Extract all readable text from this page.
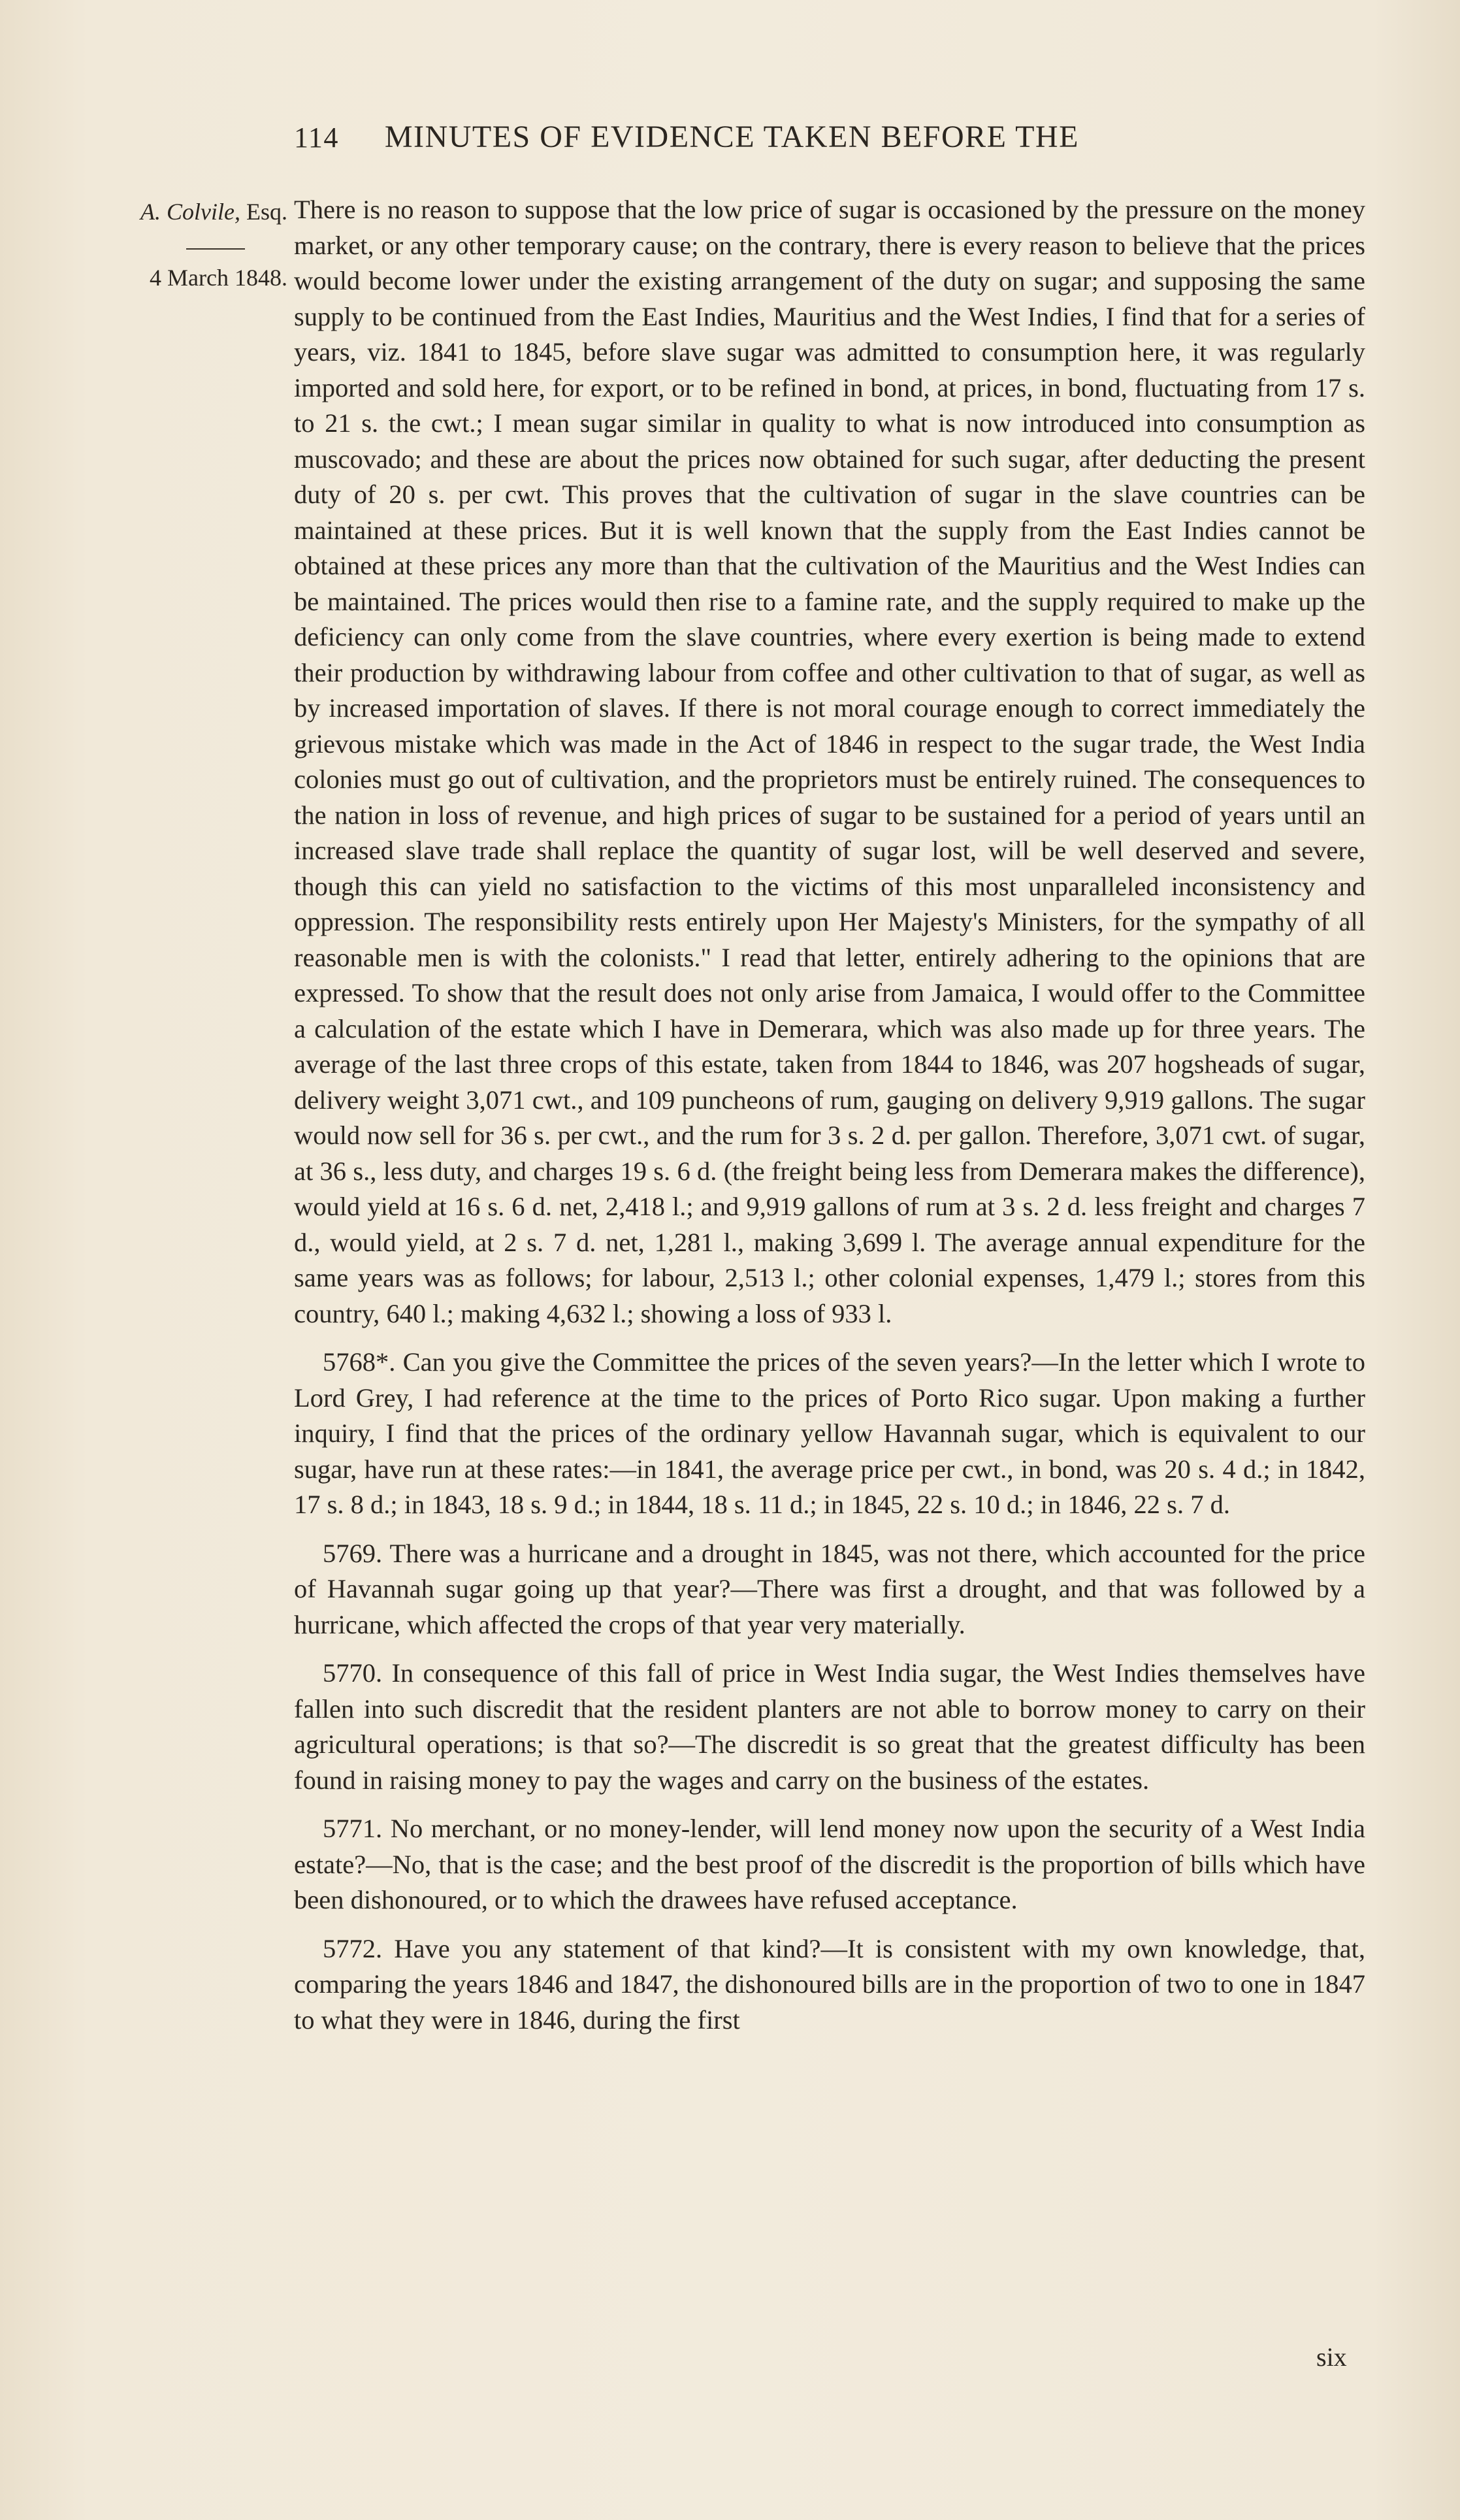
114 MINUTES OF EVIDENCE TAKEN BEFORE THE
A. Colvile, Esq.
4 March 1848.

There is no reason to suppose that the low price of sugar is occasioned by the pressure on the money market, or any other temporary cause; on the contrary, there is every reason to believe that the prices would become lower under the existing arrangement of the duty on sugar; and supposing the same supply to be continued from the East Indies, Mauritius and the West Indies, I find that for a series of years, viz. 1841 to 1845, before slave sugar was admitted to consumption here, it was regularly imported and sold here, for export, or to be refined in bond, at prices, in bond, fluctuating from 17 s. to 21 s. the cwt.; I mean sugar similar in quality to what is now introduced into consumption as muscovado; and these are about the prices now obtained for such sugar, after deducting the present duty of 20 s. per cwt. This proves that the cultivation of sugar in the slave countries can be maintained at these prices. But it is well known that the supply from the East Indies cannot be obtained at these prices any more than that the cultivation of the Mauritius and the West Indies can be maintained. The prices would then rise to a famine rate, and the supply required to make up the deficiency can only come from the slave countries, where every exertion is being made to extend their production by withdrawing labour from coffee and other cultivation to that of sugar, as well as by increased importation of slaves. If there is not moral courage enough to correct immediately the grievous mistake which was made in the Act of 1846 in respect to the sugar trade, the West India colonies must go out of cultivation, and the proprietors must be entirely ruined. The consequences to the nation in loss of revenue, and high prices of sugar to be sustained for a period of years until an increased slave trade shall replace the quantity of sugar lost, will be well deserved and severe, though this can yield no satisfaction to the victims of this most unparalleled inconsistency and oppression. The responsibility rests entirely upon Her Majesty's Ministers, for the sympathy of all reasonable men is with the colonists." I read that letter, entirely adhering to the opinions that are expressed. To show that the result does not only arise from Jamaica, I would offer to the Committee a calculation of the estate which I have in Demerara, which was also made up for three years. The average of the last three crops of this estate, taken from 1844 to 1846, was 207 hogsheads of sugar, delivery weight 3,071 cwt., and 109 puncheons of rum, gauging on delivery 9,919 gallons. The sugar would now sell for 36 s. per cwt., and the rum for 3 s. 2 d. per gallon. Therefore, 3,071 cwt. of sugar, at 36 s., less duty, and charges 19 s. 6 d. (the freight being less from Demerara makes the difference), would yield at 16 s. 6 d. net, 2,418 l.; and 9,919 gallons of rum at 3 s. 2 d. less freight and charges 7 d., would yield, at 2 s. 7 d. net, 1,281 l., making 3,699 l. The average annual expenditure for the same years was as follows; for labour, 2,513 l.; other colonial expenses, 1,479 l.; stores from this country, 640 l.; making 4,632 l.; showing a loss of 933 l.

5768*. Can you give the Committee the prices of the seven years?—In the letter which I wrote to Lord Grey, I had reference at the time to the prices of Porto Rico sugar. Upon making a further inquiry, I find that the prices of the ordinary yellow Havannah sugar, which is equivalent to our sugar, have run at these rates:—in 1841, the average price per cwt., in bond, was 20 s. 4 d.; in 1842, 17 s. 8 d.; in 1843, 18 s. 9 d.; in 1844, 18 s. 11 d.; in 1845, 22 s. 10 d.; in 1846, 22 s. 7 d.

5769. There was a hurricane and a drought in 1845, was not there, which accounted for the price of Havannah sugar going up that year?—There was first a drought, and that was followed by a hurricane, which affected the crops of that year very materially.

5770. In consequence of this fall of price in West India sugar, the West Indies themselves have fallen into such discredit that the resident planters are not able to borrow money to carry on their agricultural operations; is that so?—The discredit is so great that the greatest difficulty has been found in raising money to pay the wages and carry on the business of the estates.

5771. No merchant, or no money-lender, will lend money now upon the security of a West India estate?—No, that is the case; and the best proof of the discredit is the proportion of bills which have been dishonoured, or to which the drawees have refused acceptance.

5772. Have you any statement of that kind?—It is consistent with my own knowledge, that, comparing the years 1846 and 1847, the dishonoured bills are in the proportion of two to one in 1847 to what they were in 1846, during the first

six
